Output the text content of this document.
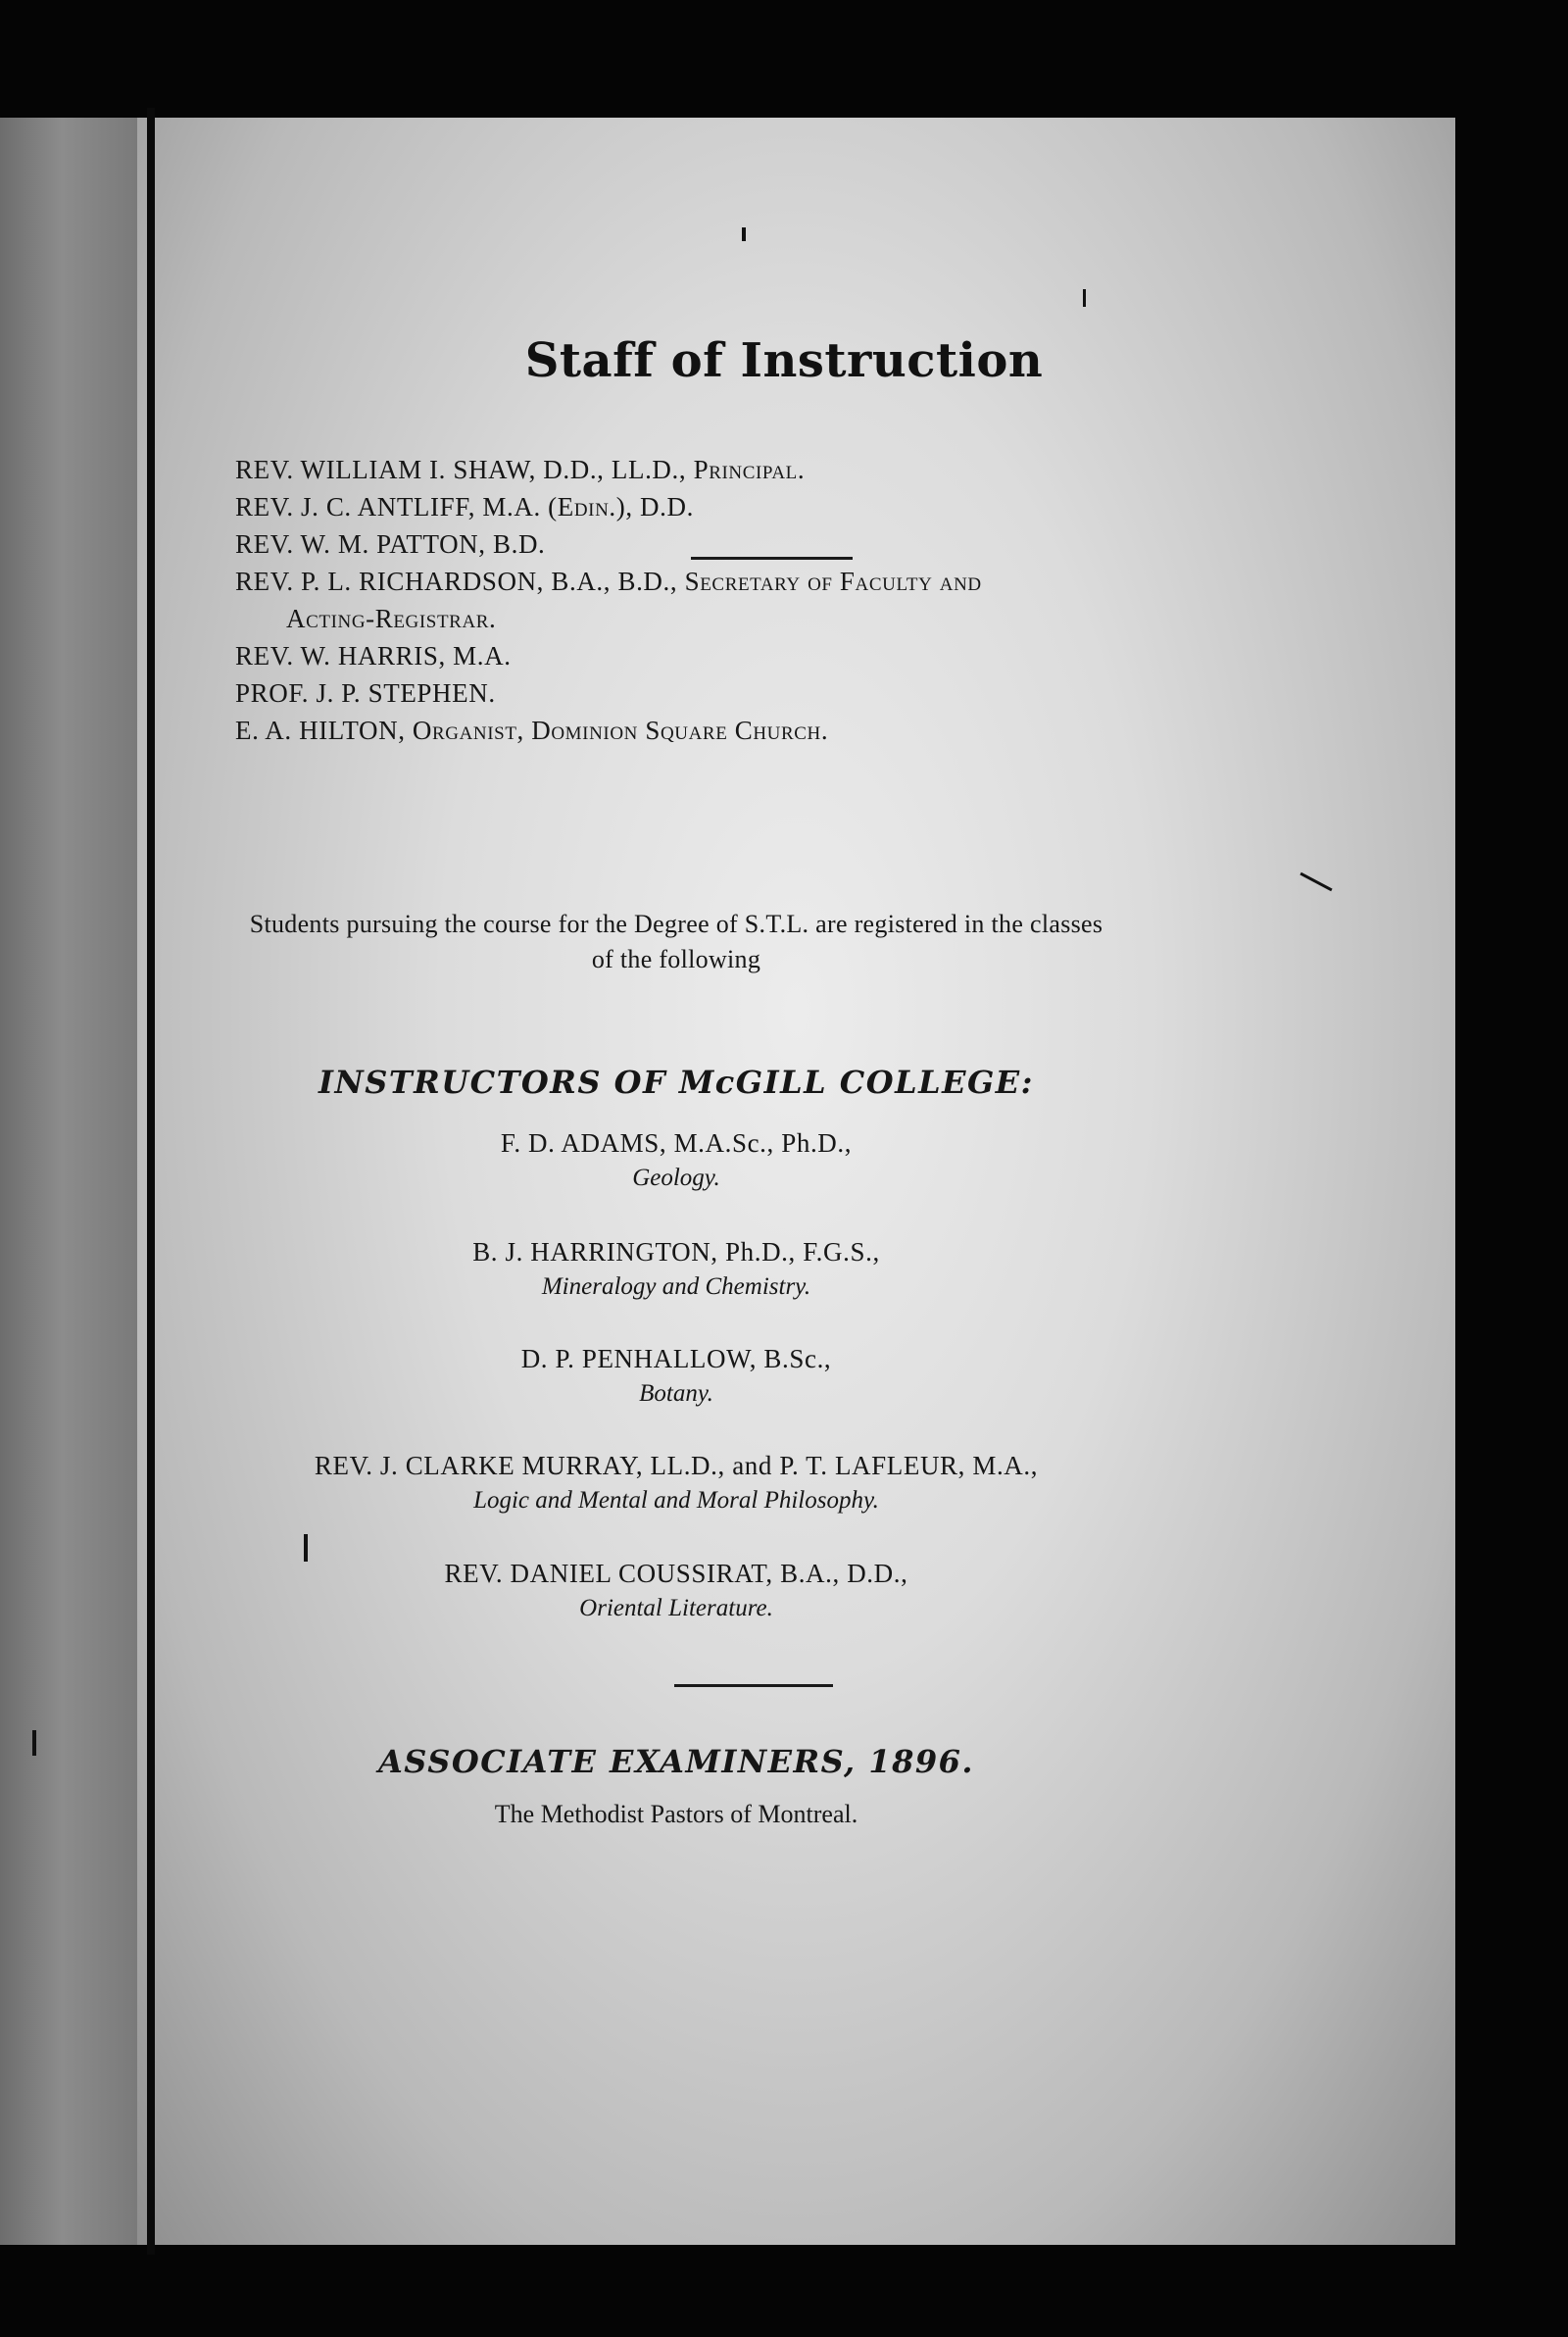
Staff of Instruction
REV. WILLIAM I. SHAW, D.D., LL.D., Principal.
REV. J. C. ANTLIFF, M.A. (Edin.), D.D.
REV. W. M. PATTON, B.D.
REV. P. L. RICHARDSON, B.A., B.D., Secretary of Faculty and
Acting-Registrar.
REV. W. HARRIS, M.A.
PROF. J. P. STEPHEN.
E. A. HILTON, Organist, Dominion Square Church.
Students pursuing the course for the Degree of S.T.L. are registered in the classes
of the following
INSTRUCTORS OF McGILL COLLEGE:
F. D. ADAMS, M.A.Sc., Ph.D.,
Geology.
B. J. HARRINGTON, Ph.D., F.G.S.,
Mineralogy and Chemistry.
D. P. PENHALLOW, B.Sc.,
Botany.
REV. J. CLARKE MURRAY, LL.D., and P. T. LAFLEUR, M.A.,
Logic and Mental and Moral Philosophy.
REV. DANIEL COUSSIRAT, B.A., D.D.,
Oriental Literature.
ASSOCIATE EXAMINERS, 1896.
The Methodist Pastors of Montreal.
